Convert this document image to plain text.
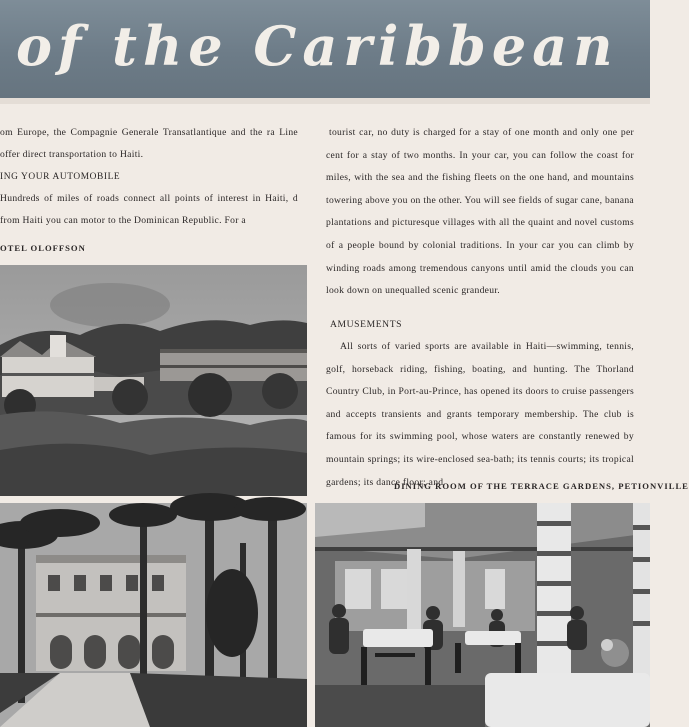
of the Caribbean

om Europe, the Compagnie Generale Transatlantique and the ra Line offer direct transportation to Haiti.

ING YOUR AUTOMOBILE

Hundreds of miles of roads connect all points of interest in Haiti, d from Haiti you can motor to the Dominican Republic. For a

OTEL OLOFFSON

tourist car, no duty is charged for a stay of one month and only one per cent for a stay of two months. In your car, you can follow the coast for miles, with the sea and the fishing fleets on the one hand, and mountains towering above you on the other. You will see fields of sugar cane, banana plantations and picturesque villages with all the quaint and novel customs of a people bound by colonial traditions. In your car you can climb by winding roads among tremendous canyons until amid the clouds you can look down on unequalled scenic grandeur.

AMUSEMENTS

All sorts of varied sports are available in Haiti—swimming, tennis, golf, horseback riding, fishing, boating, and hunting. The Thorland Country Club, in Port-au-Prince, has opened its doors to cruise passengers and accepts transients and grants temporary membership. The club is famous for its swimming pool, whose waters are constantly renewed by mountain springs; its wire-enclosed sea-bath; its tennis courts; its tropical gardens; its dance floor; and

DINING ROOM OF THE TERRACE GARDENS, PETIONVILLE
